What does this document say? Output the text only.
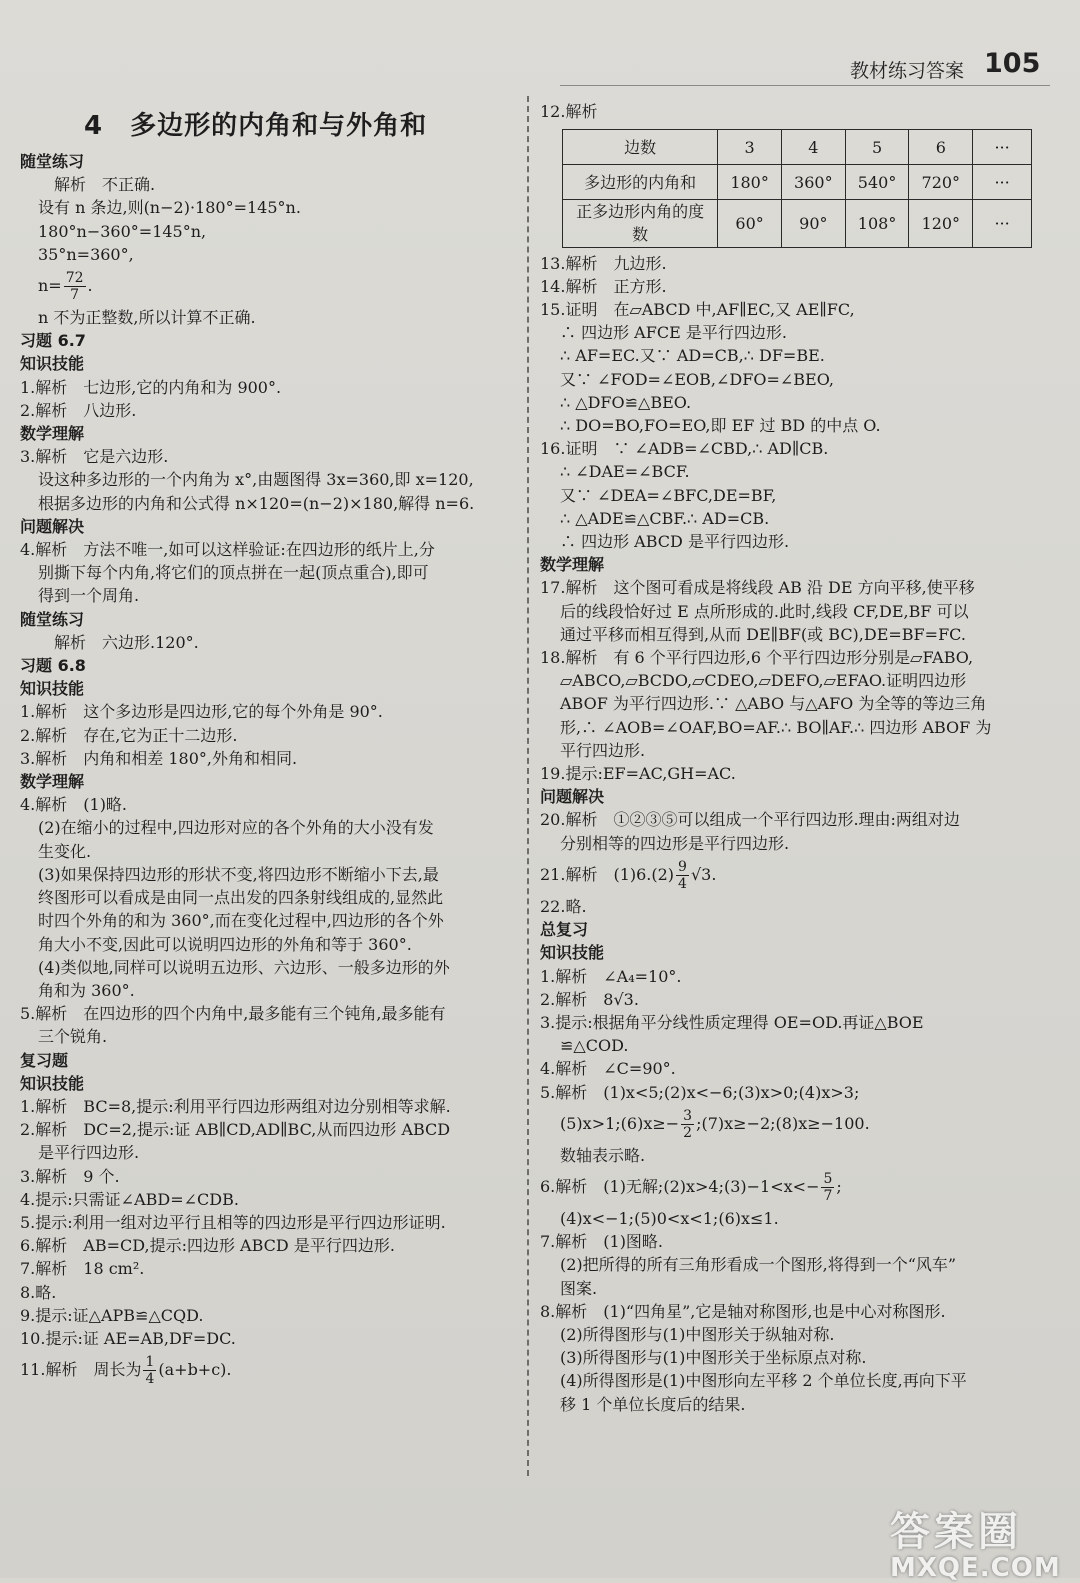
教材练习答案 105
4　多边形的内角和与外角和
随堂练习
　解析　不正确.
设有 n 条边,则(n−2)·180°=145°n.
180°n−360°=145°n,
35°n=360°,
$n= \frac{72}{7}$ .
n 不为正整数,所以计算不正确.
习题 6.7
知识技能
1.解析　七边形,它的内角和为 900°.
2.解析　八边形.
数学理解
3.解析　它是六边形.
设这种多边形的一个内角为 x°,由题图得 3x=360,即 x=120,
根据多边形的内角和公式得 n×120=(n−2)×180,解得 n=6.
问题解决
4.解析　方法不唯一,如可以这样验证:在四边形的纸片上,分
别撕下每个内角,将它们的顶点拼在一起(顶点重合),即可
得到一个周角.
随堂练习
　解析　六边形.120°.
习题 6.8
知识技能
1.解析　这个多边形是四边形,它的每个外角是 90°.
2.解析　存在,它为正十二边形.
3.解析　内角和相差 180°,外角和相同.
数学理解
4.解析　(1)略.
(2)在缩小的过程中,四边形对应的各个外角的大小没有发
生变化.
(3)如果保持四边形的形状不变,将四边形不断缩小下去,最
终图形可以看成是由同一点出发的四条射线组成的,显然此
时四个外角的和为 360°,而在变化过程中,四边形的各个外
角大小不变,因此可以说明四边形的外角和等于 360°.
(4)类似地,同样可以说明五边形、六边形、一般多边形的外
角和为 360°.
5.解析　在四边形的四个内角中,最多能有三个钝角,最多能有
三个锐角.
复习题
知识技能
1.解析　BC=8,提示:利用平行四边形两组对边分别相等求解.
2.解析　DC=2,提示:证 AB∥CD,AD∥BC,从而四边形 ABCD
是平行四边形.
3.解析　9 个.
4.提示:只需证∠ABD=∠CDB.
5.提示:利用一组对边平行且相等的四边形是平行四边形证明.
6.解析　AB=CD,提示:四边形 ABCD 是平行四边形.
7.解析　18 cm².
8.略.
9.提示:证△APB≌△CQD.
10.提示:证 AE=AB,DF=DC.
11.解析　周长为 $\frac{1}{4} (a+b+c)$.
12.解析
边数	3	4	5	6	···
多边形的内角和	180°	360°	540°	720°	···
正多边形内角的度数	60°	90°	108°	120°	···
13.解析　九边形.
14.解析　正方形.
15.证明　在▱ABCD 中,AF∥EC,又 AE∥FC,
∴ 四边形 AFCE 是平行四边形.
∴ AF=EC.又∵ AD=CB,∴ DF=BE.
又∵ ∠FOD=∠EOB,∠DFO=∠BEO,
∴ △DFO≌△BEO.
∴ DO=BO,FO=EO,即 EF 过 BD 的中点 O.
16.证明　∵ ∠ADB=∠CBD,∴ AD∥CB.
∴ ∠DAE=∠BCF.
又∵ ∠DEA=∠BFC,DE=BF,
∴ △ADE≌△CBF.∴ AD=CB.
∴ 四边形 ABCD 是平行四边形.
数学理解
17.解析　这个图可看成是将线段 AB 沿 DE 方向平移,使平移
后的线段恰好过 E 点所形成的.此时,线段 CF,DE,BF 可以
通过平移而相互得到,从而 DE∥BF(或 BC),DE=BF=FC.
18.解析　有 6 个平行四边形,6 个平行四边形分别是▱FABO,
▱ABCO,▱BCDO,▱CDEO,▱DEFO,▱EFAO.证明四边形
ABOF 为平行四边形.∵ △ABO 与△AFO 为全等的等边三角
形,∴ ∠AOB=∠OAF,BO=AF.∴ BO∥AF.∴ 四边形 ABOF 为
平行四边形.
19.提示:EF=AC,GH=AC.
问题解决
20.解析　①②③⑤可以组成一个平行四边形.理由:两组对边
分别相等的四边形是平行四边形.
21.解析　$(1)6.(2) \frac{9}{4} √3$.
22.略.
总复习
知识技能
1.解析　∠A₄=10°.
2.解析　8√3.
3.提示:根据角平分线性质定理得 OE=OD.再证△BOE
≌△COD.
4.解析　∠C=90°.
5.解析　(1)x<5;(2)x<−6;(3)x>0;(4)x>3;
(5)x>1;(6)x≥− $\frac{3}{2}$ ;(7)x≥−2;(8)x≥−100.
数轴表示略.
6.解析　(1)无解;(2)x>4;(3)−1<x<− $\frac{5}{7}$ ;
(4)x<−1;(5)0<x<1;(6)x≤1.
7.解析　(1)图略.
(2)把所得的所有三角形看成一个图形,将得到一个“风车”
图案.
8.解析　(1)“四角星”,它是轴对称图形,也是中心对称图形.
(2)所得图形与(1)中图形关于纵轴对称.
(3)所得图形与(1)中图形关于坐标原点对称.
(4)所得图形是(1)中图形向左平移 2 个单位长度,再向下平
移 1 个单位长度后的结果.
答案圈
MXQE.COM
